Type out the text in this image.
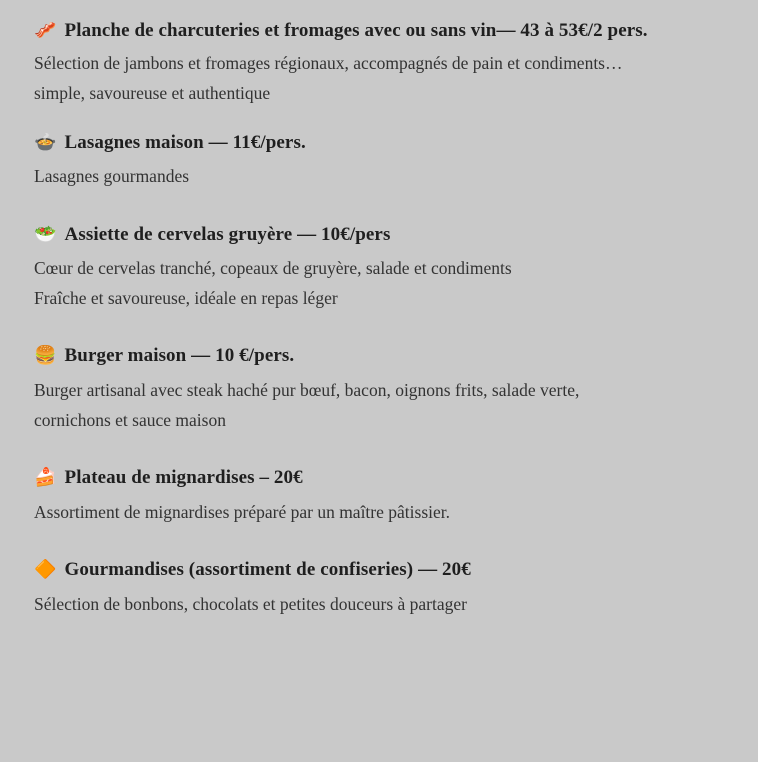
🥓 Planche de charcuteries et fromages avec ou sans vin— 43 à 53€/2 pers.

Sélection de jambons et fromages régionaux, accompagnés de pain et condiments…
simple, savoureuse et authentique

🍲 Lasagnes maison — 11€/pers.

Lasagnes gourmandes

🥗 Assiette de cervelas gruyère — 10€/pers

Cœur de cervelas tranché, copeaux de gruyère, salade et condiments
Fraîche et savoureuse, idéale en repas léger

🍔 Burger maison — 10 €/pers.

Burger artisanal avec steak haché pur bœuf, bacon, oignons frits, salade verte,
cornichons et sauce maison

🍰 Plateau de mignardises – 20€

Assortiment de mignardises préparé par un maître pâtissier.

🔶 Gourmandises (assortiment de confiseries) — 20€

Sélection de bonbons, chocolats et petites douceurs à partager
